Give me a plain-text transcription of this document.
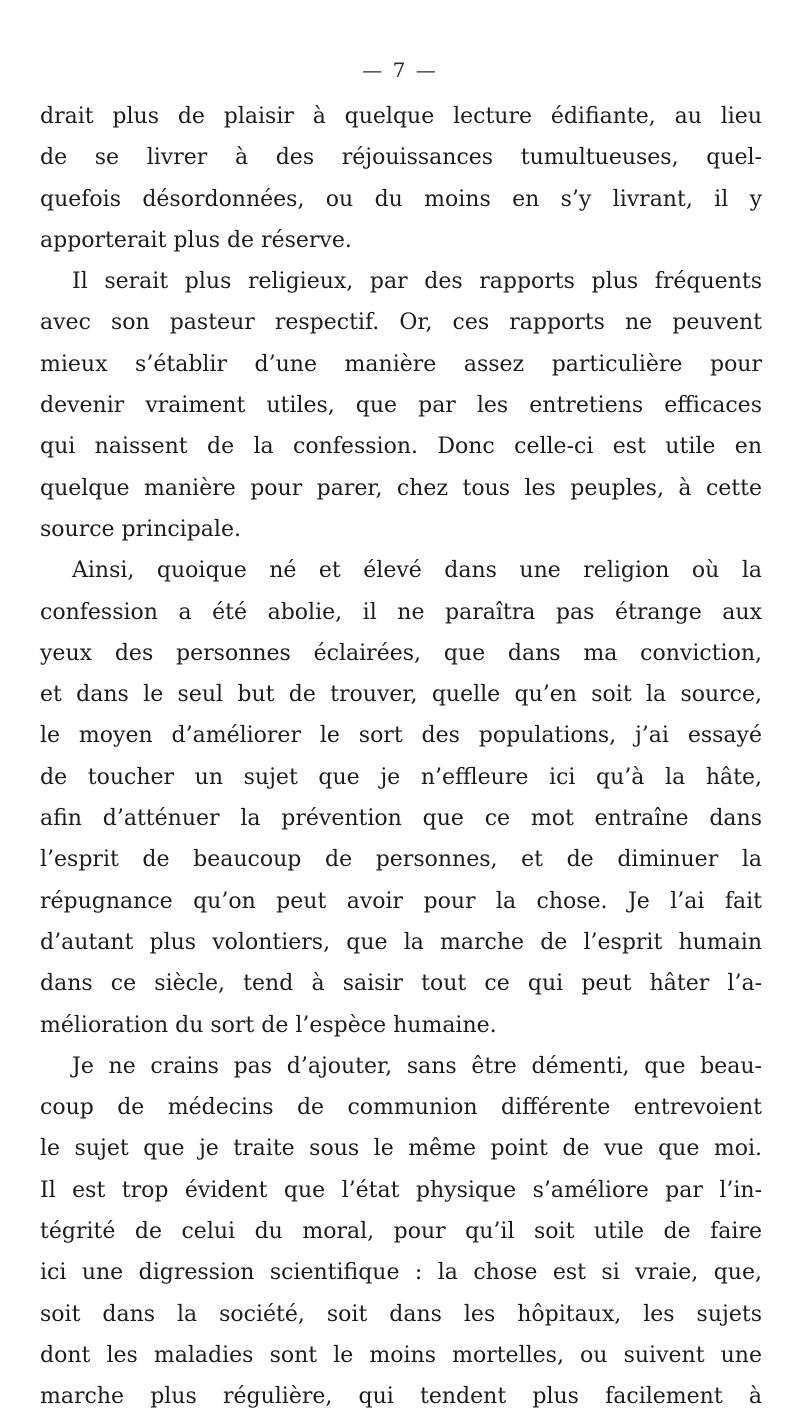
— 7 —
drait plus de plaisir à quelque lecture édifiante, au lieu
de se livrer à des réjouissances tumultueuses, quel-
quefois désordonnées, ou du moins en s’y livrant, il y
apporterait plus de réserve.
Il serait plus religieux, par des rapports plus fréquents
avec son pasteur respectif. Or, ces rapports ne peuvent
mieux s’établir d’une manière assez particulière pour
devenir vraiment utiles, que par les entretiens efficaces
qui naissent de la confession. Donc celle-ci est utile en
quelque manière pour parer, chez tous les peuples, à cette
source principale.
Ainsi, quoique né et élevé dans une religion où la
confession a été abolie, il ne paraîtra pas étrange aux
yeux des personnes éclairées, que dans ma conviction,
et dans le seul but de trouver, quelle qu’en soit la source,
le moyen d’améliorer le sort des populations, j’ai essayé
de toucher un sujet que je n’effleure ici qu’à la hâte,
afin d’atténuer la prévention que ce mot entraîne dans
l’esprit de beaucoup de personnes, et de diminuer la
répugnance qu’on peut avoir pour la chose. Je l’ai fait
d’autant plus volontiers, que la marche de l’esprit humain
dans ce siècle, tend à saisir tout ce qui peut hâter l’a-
mélioration du sort de l’espèce humaine.
Je ne crains pas d’ajouter, sans être démenti, que beau-
coup de médecins de communion différente entrevoient
le sujet que je traite sous le même point de vue que moi.
Il est trop évident que l’état physique s’améliore par l’in-
tégrité de celui du moral, pour qu’il soit utile de faire
ici une digression scientifique : la chose est si vraie, que,
soit dans la société, soit dans les hôpitaux, les sujets
dont les maladies sont le moins mortelles, ou suivent une
marche plus régulière, qui tendent plus facilement à
